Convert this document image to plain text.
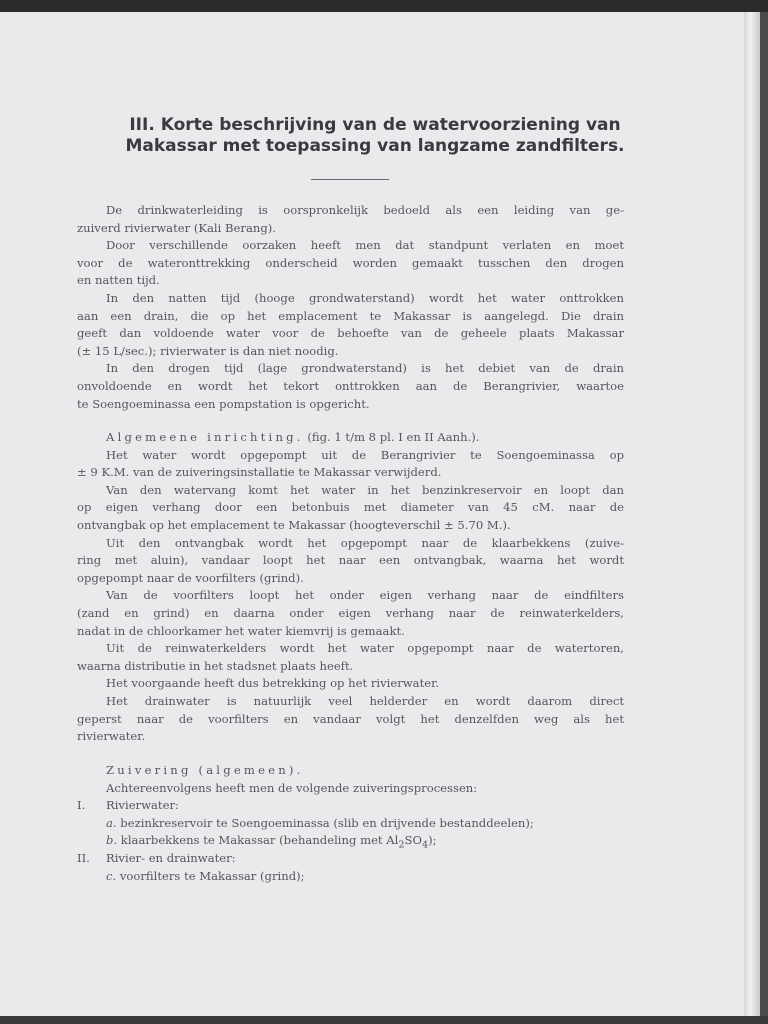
III. Korte beschrijving van de watervoorziening van
Makassar met toepassing van langzame zandfilters.
De drinkwaterleiding is oorspronkelijk bedoeld als een leiding van ge-
zuiverd rivierwater (Kali Berang).
Door verschillende oorzaken heeft men dat standpunt verlaten en moet
voor de wateronttrekking onderscheid worden gemaakt tusschen den drogen
en natten tijd.
In den natten tijd (hooge grondwaterstand) wordt het water onttrokken
aan een drain, die op het emplacement te Makassar is aangelegd. Die drain
geeft dan voldoende water voor de behoefte van de geheele plaats Makassar
(± 15 L/sec.); rivierwater is dan niet noodig.
In den drogen tijd (lage grondwaterstand) is het debiet van de drain
onvoldoende en wordt het tekort onttrokken aan de Berangrivier, waartoe
te Soengoeminassa een pompstation is opgericht.
Algemeene inrichting. (fig. 1 t/m 8 pl. I en II Aanh.).
Het water wordt opgepompt uit de Berangrivier te Soengoeminassa op
± 9 K.M. van de zuiveringsinstallatie te Makassar verwijderd.
Van den watervang komt het water in het benzinkreservoir en loopt dan
op eigen verhang door een betonbuis met diameter van 45 cM. naar de
ontvangbak op het emplacement te Makassar (hoogteverschil ± 5.70 M.).
Uit den ontvangbak wordt het opgepompt naar de klaarbekkens (zuive-
ring met aluin), vandaar loopt het naar een ontvangbak, waarna het wordt
opgepompt naar de voorfilters (grind).
Van de voorfilters loopt het onder eigen verhang naar de eindfilters
(zand en grind) en daarna onder eigen verhang naar de reinwaterkelders,
nadat in de chloorkamer het water kiemvrij is gemaakt.
Uit de reinwaterkelders wordt het water opgepompt naar de watertoren,
waarna distributie in het stadsnet plaats heeft.
Het voorgaande heeft dus betrekking op het rivierwater.
Het drainwater is natuurlijk veel helderder en wordt daarom direct
geperst naar de voorfilters en vandaar volgt het denzelfden weg als het
rivierwater.
Zuivering (algemeen).
Achtereenvolgens heeft men de volgende zuiveringsprocessen:
I. Rivierwater:
a. bezinkreservoir te Soengoeminassa (slib en drijvende bestanddeelen);
b. klaarbekkens te Makassar (behandeling met $Al_2SO_4$);
II. Rivier- en drainwater:
c. voorfilters te Makassar (grind);
